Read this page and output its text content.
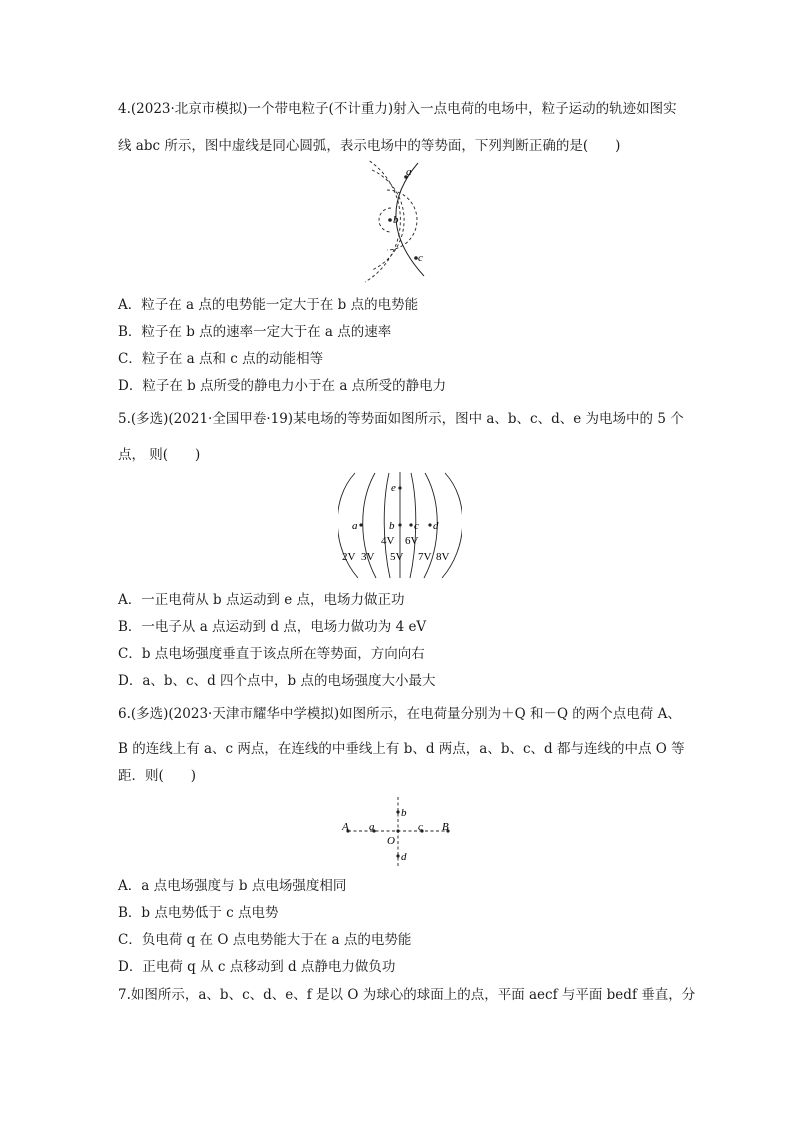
4.(2023·北京市模拟)一个带电粒子(不计重力)射入一点电荷的电场中，粒子运动的轨迹如图实
线 abc 所示，图中虚线是同心圆弧，表示电场中的等势面，下列判断正确的是(　　)
a
b
c
A．粒子在 a 点的电势能一定大于在 b 点的电势能
B．粒子在 b 点的速率一定大于在 a 点的速率
C．粒子在 a 点和 c 点的动能相等
D．粒子在 b 点所受的静电力小于在 a 点所受的静电力
5.(多选)(2021·全国甲卷·19)某电场的等势面如图所示，图中 a、b、c、d、e 为电场中的 5 个
点， 则(　　)
e
a	b c d
4V 6V
2V 3V 5V 7V 8V
A．一正电荷从 b 点运动到 e 点，电场力做正功
B．一电子从 a 点运动到 d 点，电场力做功为 4 eV
C．b 点电场强度垂直于该点所在等势面，方向向右
D．a、b、c、d 四个点中，b 点的电场强度大小最大
6.(多选)(2023·天津市耀华中学模拟)如图所示，在电荷量分别为＋Q 和－Q 的两个点电荷 A、
B 的连线上有 a、c 两点，在连线的中垂线上有 b、d 两点，a、b、c、d 都与连线的中点 O 等
距．则(　　)
A a
O
c B
b
d
A．a 点电场强度与 b 点电场强度相同
B．b 点电势低于 c 点电势
C．负电荷 q 在 O 点电势能大于在 a 点的电势能
D．正电荷 q 从 c 点移动到 d 点静电力做负功
7.如图所示，a、b、c、d、e、f 是以 O 为球心的球面上的点，平面 aecf 与平面 bedf 垂直，分
